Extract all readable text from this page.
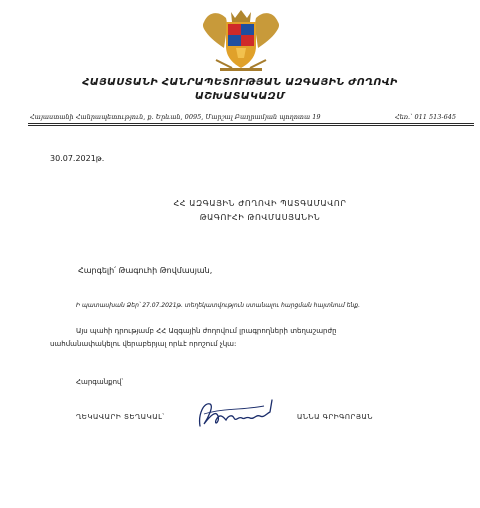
ՀԱՅԱՍՏԱՆԻ ՀԱՆՐԱՊԵՏՈՒԹՅԱՆ ԱԶԳԱՅԻՆ ԺՈՂՈՎԻ
ԱՇԽԱՏԱԿԱԶՄ
Հայաստանի Հանրապետություն, ք. Երևան, 0095, Մարշալ Բաղրամյան պողոտա 19	Հեռ.՝ 011 513-645
30.07.2021թ.
ՀՀ ԱԶԳԱՅԻՆ ԺՈՂՈՎԻ ՊԱՏԳԱՄԱՎՈՐ
ԹԱԳՈՒՀԻ ԹՈՎՄԱՍՅԱՆԻՆ
Հարգելի՛ Թագուհի Թովմասյան,
Ի պատասխան Ձեր՝ 27.07.2021թ. տեղեկատվություն ստանալու հարցման հայտնում ենք.
Այս պահի դրությամբ ՀՀ Ազգային ժողովում լրագրողների տեղաշարժը
սահմանափակելու վերաբերյալ որևէ որոշում չկա:
Հարգանքով՝
ՂԵԿԱՎԱՐԻ ՏԵՂԱԿԱԼ՝	ԱՆՆԱ ԳՐԻԳՈՐՅԱՆ
